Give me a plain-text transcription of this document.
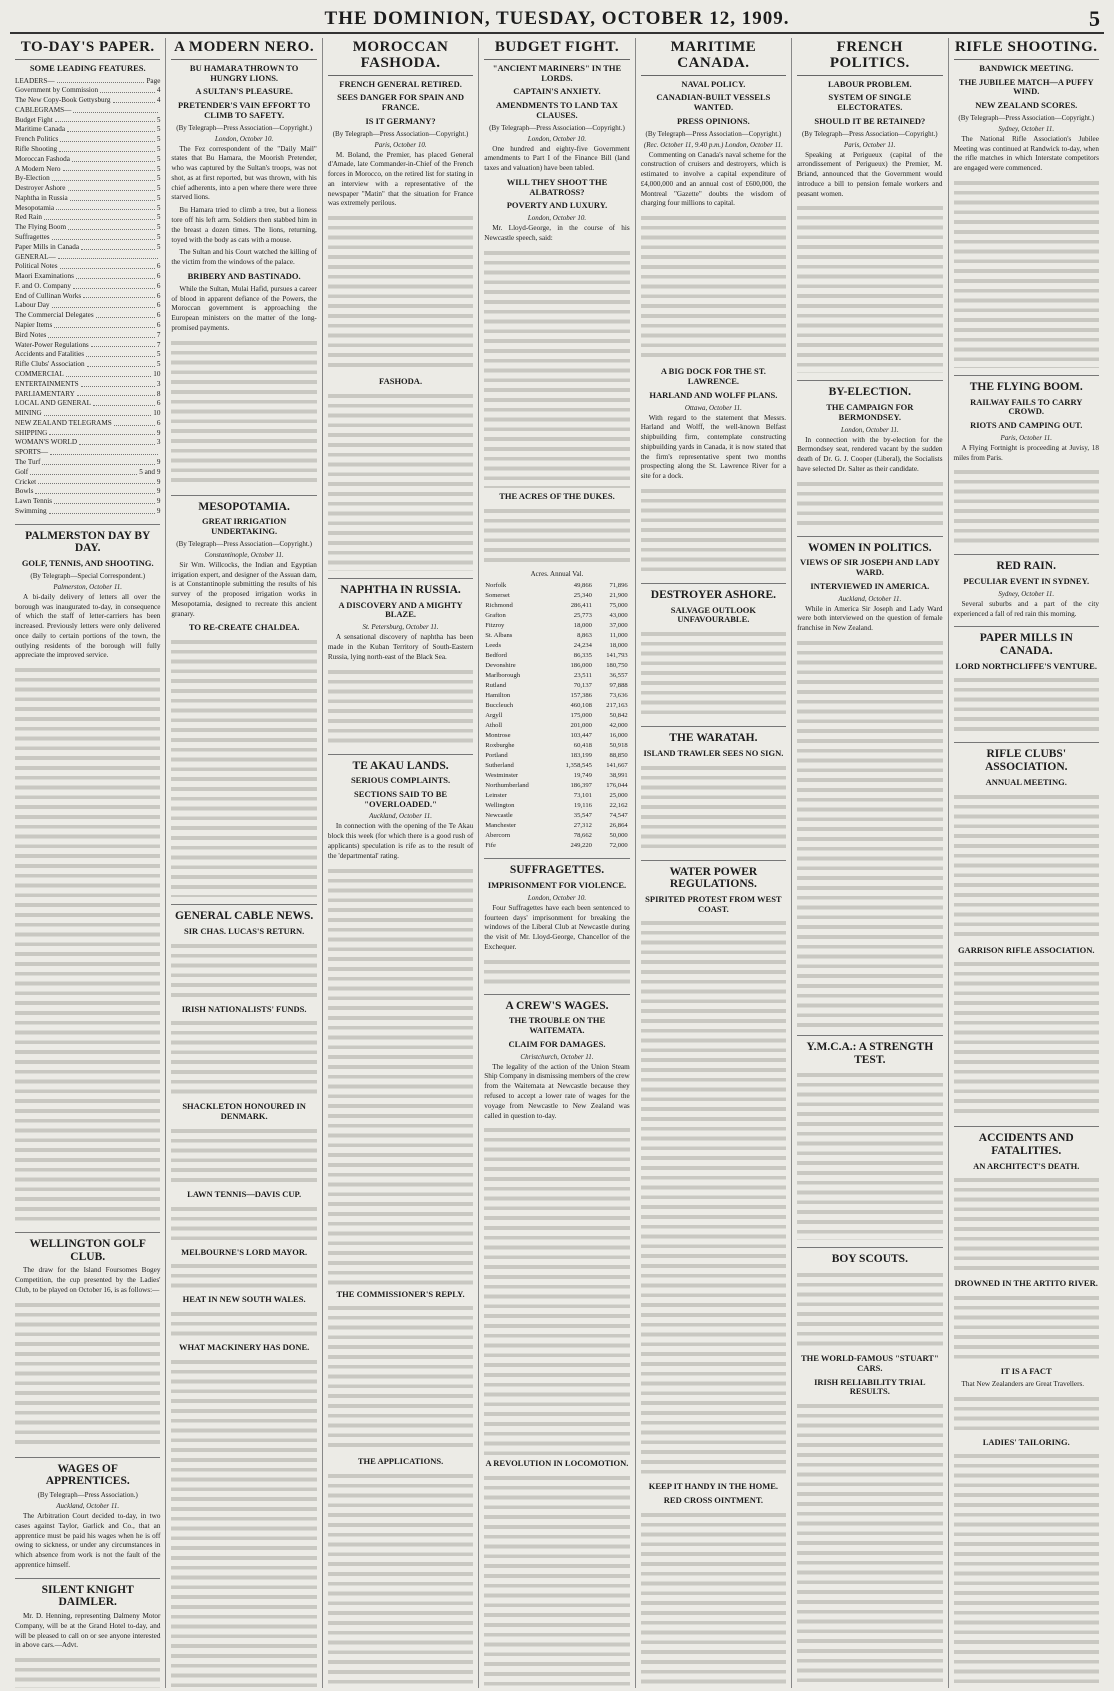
THE DOMINION, TUESDAY, OCTOBER 12, 1909.	5
TO-DAY'S PAPER.
SOME LEADING FEATURES.
LEADERS—	Page
Government by Commission	4
The New Copy-Book Gettysburg	4
CABLEGRAMS—
Budget Fight	5
Maritime Canada	5
French Politics	5
Rifle Shooting	5
Moroccan Fashoda	5
A Modern Nero	5
By-Election	5
Destroyer Ashore	5
Naphtha in Russia	5
Mesopotamia	5
Red Rain	5
The Flying Boom	5
Suffragettes	5
Paper Mills in Canada	5
GENERAL—
Political Notes	6
Maori Examinations	6
F. and O. Company	6
End of Cullinan Works	6
Labour Day	6
The Commercial Delegates	6
Napier Items	6
Bird Notes	7
Water-Power Regulations	7
Accidents and Fatalities	5
Rifle Clubs' Association	5
COMMERCIAL	10
ENTERTAINMENTS	3
PARLIAMENTARY	8
LOCAL AND GENERAL	6
MINING	10
NEW ZEALAND TELEGRAMS	6
SHIPPING	9
WOMAN'S WORLD	3
SPORTS—
The Turf	9
Golf	5 and 9
Cricket	9
Bowls	9
Lawn Tennis	9
Swimming	9
PALMERSTON DAY BY DAY.
GOLF, TENNIS, AND SHOOTING.
(By Telegraph—Special Correspondent.)
Palmerston, October 11.

A bi-daily delivery of letters all over the borough was inaugurated to-day, in consequence of which the staff of letter-carriers has been increased. Previously letters were only delivered once daily to certain portions of the town, the outlying residents of the borough will fully appreciate the improved service.

WELLINGTON GOLF CLUB.

The draw for the Island Foursomes Bogey Competition, the cup presented by the Ladies' Club, to be played on October 16, is as follows:—

WAGES OF APPRENTICES.
(By Telegraph—Press Association.)
Auckland, October 11.

The Arbitration Court decided to-day, in two cases against Taylor, Garlick and Co., that an apprentice must be paid his wages when he is off owing to sickness, or under any circumstances in which absence from work is not the fault of the apprentice himself.

SILENT KNIGHT DAIMLER.

Mr. D. Henning, representing Dalmeny Motor Company, will be at the Grand Hotel to-day, and will be pleased to call on or see anyone interested in above cars.—Advt.

A MODERN NERO.
BU HAMARA THROWN TO HUNGRY LIONS.
A SULTAN'S PLEASURE.
PRETENDER'S VAIN EFFORT TO CLIMB TO SAFETY.
(By Telegraph—Press Association—Copyright.)
London, October 10.

The Fez correspondent of the "Daily Mail" states that Bu Hamara, the Moorish Pretender, who was captured by the Sultan's troops, was not shot, as at first reported, but was thrown, with his chief adherents, into a pen where there were three starved lions.

Bu Hamara tried to climb a tree, but a lioness tore off his left arm. Soldiers then stabbed him in the breast a dozen times. The lions, returning, toyed with the body as cats with a mouse.

The Sultan and his Court watched the killing of the victim from the windows of the palace.

BRIBERY AND BASTINADO.

While the Sultan, Mulai Hafid, pursues a career of blood in apparent defiance of the Powers, the Moroccan government is approaching the European ministers on the matter of the long-promised payments.

MESOPOTAMIA.
GREAT IRRIGATION UNDERTAKING.
(By Telegraph—Press Association—Copyright.)
Constantinople, October 11.

Sir Wm. Willcocks, the Indian and Egyptian irrigation expert, and designer of the Assuan dam, is at Constantinople submitting the results of his survey of the proposed irrigation works in Mesopotamia, designed to recreate this ancient granary.

TO RE-CREATE CHALDEA.
GENERAL CABLE NEWS.
SIR CHAS. LUCAS'S RETURN.
IRISH NATIONALISTS' FUNDS.
SHACKLETON HONOURED IN DENMARK.
LAWN TENNIS—DAVIS CUP.
MELBOURNE'S LORD MAYOR.
HEAT IN NEW SOUTH WALES.
WHAT MACKINERY HAS DONE.
MOROCCAN FASHODA.
FRENCH GENERAL RETIRED.
SEES DANGER FOR SPAIN AND FRANCE.
IS IT GERMANY?
(By Telegraph—Press Association—Copyright.)
Paris, October 10.

M. Boland, the Premier, has placed General d'Amade, late Commander-in-Chief of the French forces in Morocco, on the retired list for stating in an interview with a representative of the newspaper "Matin" that the situation for France was extremely perilous.

FASHODA.
NAPHTHA IN RUSSIA.
A DISCOVERY AND A MIGHTY BLAZE.
St. Petersburg, October 11.

A sensational discovery of naphtha has been made in the Kuban Territory of South-Eastern Russia, lying north-east of the Black Sea.

TE AKAU LANDS.
SERIOUS COMPLAINTS.
SECTIONS SAID TO BE "OVERLOADED."
Auckland, October 11.

In connection with the opening of the Te Akau block this week (for which there is a good rush of applicants) speculation is rife as to the result of the 'departmental' rating.

THE COMMISSIONER'S REPLY.
THE APPLICATIONS.
BUDGET FIGHT.
"ANCIENT MARINERS" IN THE LORDS.
CAPTAIN'S ANXIETY.
AMENDMENTS TO LAND TAX CLAUSES.
(By Telegraph—Press Association—Copyright.)
London, October 10.

One hundred and eighty-five Government amendments to Part I of the Finance Bill (land taxes and valuation) have been tabled.

WILL THEY SHOOT THE ALBATROSS?
POVERTY AND LUXURY.
London, October 10.

Mr. Lloyd-George, in the course of his Newcastle speech, said:

THE ACRES OF THE DUKES.
Acres. Annual Val.
Norfolk	49,866	71,896
Somerset	25,340	21,900
Richmond	286,411	75,000
Grafton	25,773	43,000
Fitzroy	18,000	37,000
St. Albans	8,863	11,000
Leeds	24,234	18,000
Bedford	86,335	141,793
Devonshire	186,000	180,750
Marlborough	23,511	36,557
Rutland	70,137	97,888
Hamilton	157,386	73,636
Buccleuch	460,108	217,163
Argyll	175,000	50,842
Atholl	201,000	42,000
Montrose	103,447	16,000
Roxburghe	60,418	50,918
Portland	183,199	88,850
Sutherland	1,358,545	141,667
Westminster	19,749	38,991
Northumberland	186,397	176,044
Leinster	73,101	25,000
Wellington	19,116	22,162
Newcastle	35,547	74,547
Manchester	27,312	26,864
Abercorn	78,662	50,000
Fife	249,220	72,000
SUFFRAGETTES.
IMPRISONMENT FOR VIOLENCE.
London, October 10.

Four Suffragettes have each been sentenced to fourteen days' imprisonment for breaking the windows of the Liberal Club at Newcastle during the visit of Mr. Lloyd-George, Chancellor of the Exchequer.

A CREW'S WAGES.
THE TROUBLE ON THE WAITEMATA.
CLAIM FOR DAMAGES.
Christchurch, October 11.

The legality of the action of the Union Steam Ship Company in dismissing members of the crew from the Waitemata at Newcastle because they refused to accept a lower rate of wages for the voyage from Newcastle to New Zealand was called in question to-day.

A REVOLUTION IN LOCOMOTION.
MARITIME CANADA.
NAVAL POLICY.
CANADIAN-BUILT VESSELS WANTED.
PRESS OPINIONS.
(By Telegraph—Press Association—Copyright.)
(Rec. October 11, 9.40 p.m.) London, October 11.

Commenting on Canada's naval scheme for the construction of cruisers and destroyers, which is estimated to involve a capital expenditure of £4,000,000 and an annual cost of £600,000, the Montreal "Gazette" doubts the wisdom of charging four millions to capital.

A BIG DOCK FOR THE ST. LAWRENCE.
HARLAND AND WOLFF PLANS.
Ottawa, October 11.

With regard to the statement that Messrs. Harland and Wolff, the well-known Belfast shipbuilding firm, contemplate constructing shipbuilding yards in Canada, it is now stated that the firm's representative spent two months prospecting along the St. Lawrence River for a site for a dock.

DESTROYER ASHORE.
SALVAGE OUTLOOK UNFAVOURABLE.
THE WARATAH.
ISLAND TRAWLER SEES NO SIGN.
WATER POWER REGULATIONS.
SPIRITED PROTEST FROM WEST COAST.
KEEP IT HANDY IN THE HOME.
RED CROSS OINTMENT.
FRENCH POLITICS.
LABOUR PROBLEM.
SYSTEM OF SINGLE ELECTORATES.
SHOULD IT BE RETAINED?
(By Telegraph—Press Association—Copyright.)
Paris, October 11.

Speaking at Perigueux (capital of the arrondissement of Perigueux) the Premier, M. Briand, announced that the Government would introduce a bill to pension female workers and peasant women.

BY-ELECTION.
THE CAMPAIGN FOR BERMONDSEY.
London, October 11.

In connection with the by-election for the Bermondsey seat, rendered vacant by the sudden death of Dr. G. J. Cooper (Liberal), the Socialists have selected Dr. Salter as their candidate.

WOMEN IN POLITICS.
VIEWS OF SIR JOSEPH AND LADY WARD.
INTERVIEWED IN AMERICA.
Auckland, October 11.

While in America Sir Joseph and Lady Ward were both interviewed on the question of female franchise in New Zealand.

Y.M.C.A.: A STRENGTH TEST.
BOY SCOUTS.
THE WORLD-FAMOUS "STUART" CARS.
IRISH RELIABILITY TRIAL RESULTS.
RIFLE SHOOTING.
BANDWICK MEETING.
THE JUBILEE MATCH—A PUFFY WIND.
NEW ZEALAND SCORES.
(By Telegraph—Press Association—Copyright.)
Sydney, October 11.

The National Rifle Association's Jubilee Meeting was continued at Randwick to-day, when the rifle matches in which Interstate competitors are engaged were commenced.

THE FLYING BOOM.
RAILWAY FAILS TO CARRY CROWD.
RIOTS AND CAMPING OUT.
Paris, October 11.

A Flying Fortnight is proceeding at Juvisy, 18 miles from Paris.

RED RAIN.
PECULIAR EVENT IN SYDNEY.
Sydney, October 11.

Several suburbs and a part of the city experienced a fall of red rain this morning.

PAPER MILLS IN CANADA.
LORD NORTHCLIFFE'S VENTURE.
RIFLE CLUBS' ASSOCIATION.
ANNUAL MEETING.
GARRISON RIFLE ASSOCIATION.
ACCIDENTS AND FATALITIES.
AN ARCHITECT'S DEATH.
DROWNED IN THE ARTITO RIVER.
IT IS A FACT

That New Zealanders are Great Travellers.

LADIES' TAILORING.
